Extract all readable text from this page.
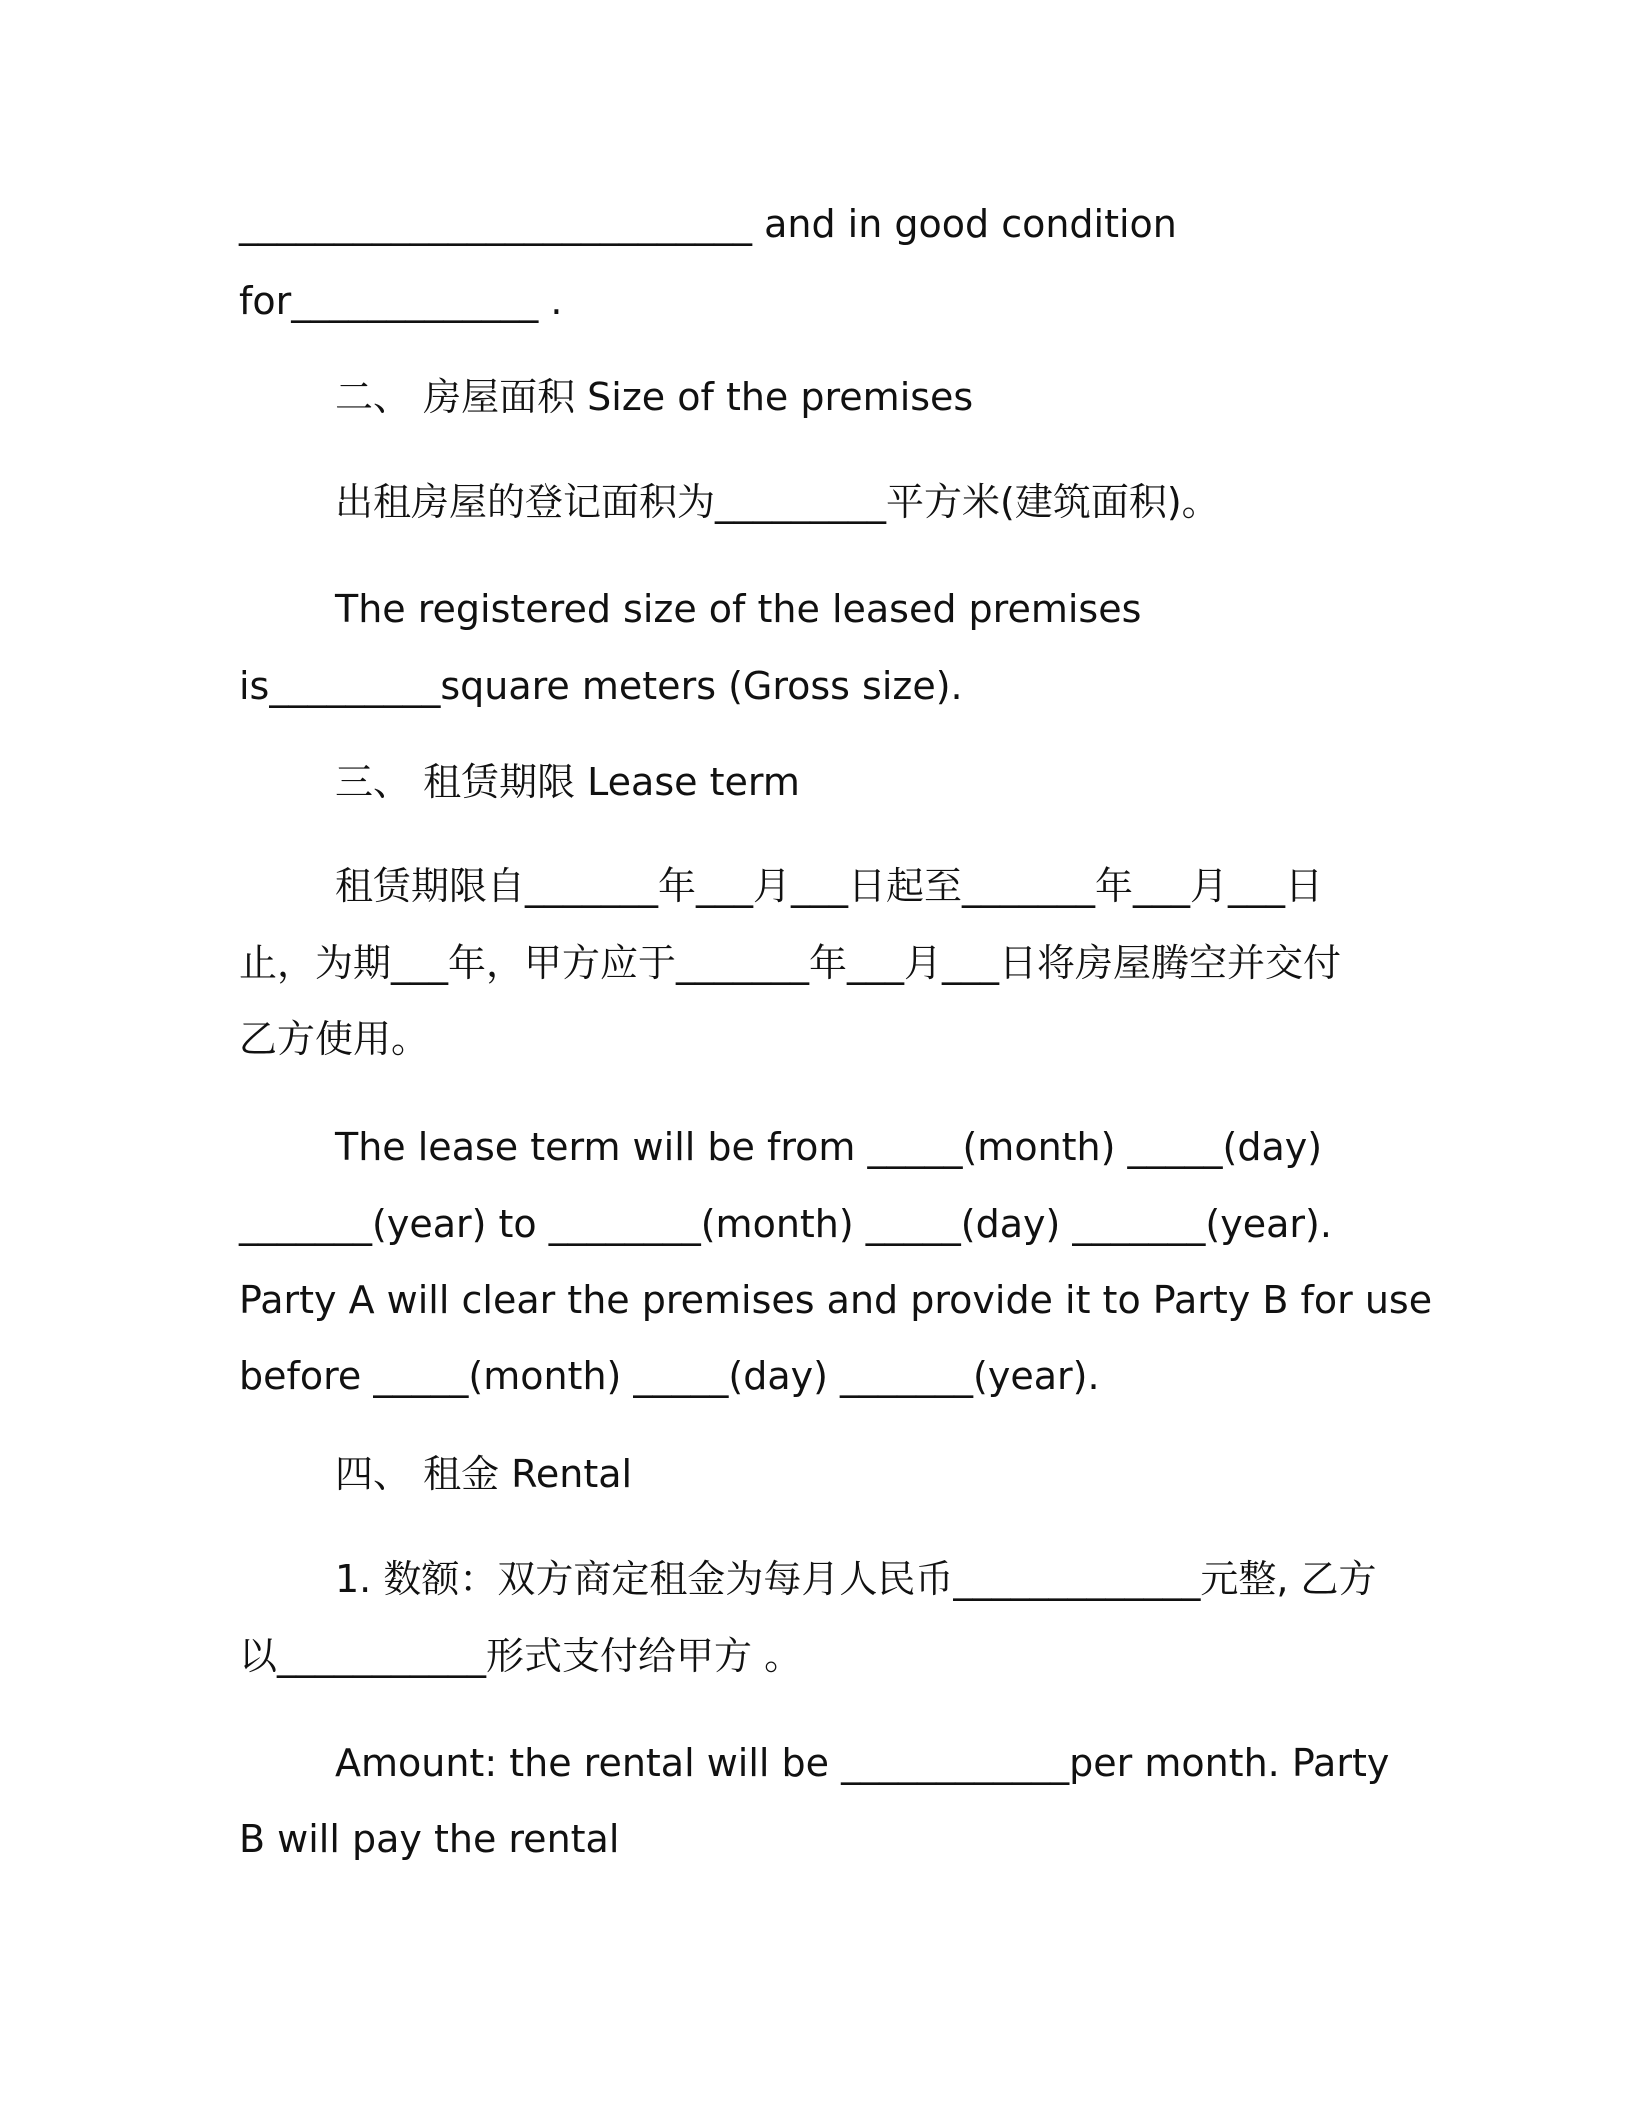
___________________________ and in good condition
for_____________ .
二、 房屋面积 Size of the premises
出租房屋的登记面积为_________平方米(建筑面积)。
The registered size of the leased premises
is_________square meters (Gross size).
三、 租赁期限 Lease term
租赁期限自_______年___月___日起至_______年___月___日
止，为期___年，甲方应于_______年___月___日将房屋腾空并交付
乙方使用。
The lease term will be from _____(month) _____(day)
_______(year) to ________(month) _____(day) _______(year).
Party A will clear the premises and provide it to Party B for use
before _____(month) _____(day) _______(year).
四、 租金 Rental
1. 数额：双方商定租金为每月人民币_____________元整, 乙方
以___________形式支付给甲方 。
Amount: the rental will be ____________per month. Party
B will pay the rental
